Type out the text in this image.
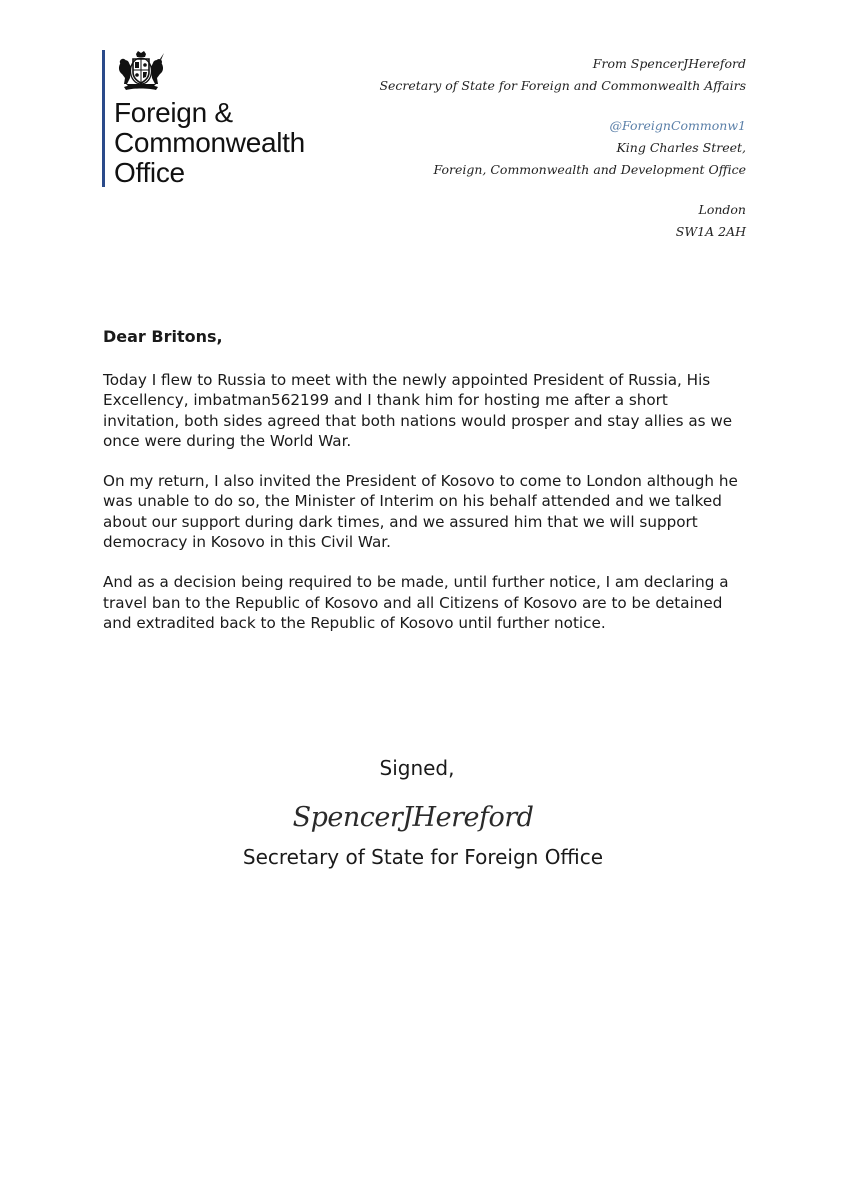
Foreign &
Commonwealth
Office
From SpencerJHereford
Secretary of State for Foreign and Commonwealth Affairs
@ForeignCommonw1
King Charles Street,
Foreign, Commonwealth and Development Office
London
SW1A 2AH
Dear Britons,

Today I flew to Russia to meet with the newly appointed President of Russia, His Excellency, imbatman562199 and I thank him for hosting me after a short invitation, both sides agreed that both nations would prosper and stay allies as we once were during the World War.

On my return, I also invited the President of Kosovo to come to London although he was unable to do so, the Minister of Interim on his behalf attended and we talked about our support during dark times, and we assured him that we will support democracy in Kosovo in this Civil War.

And as a decision being required to be made, until further notice, I am declaring a travel ban to the Republic of Kosovo and all Citizens of Kosovo are to be detained and extradited back to the Republic of Kosovo until further notice.

Signed,
SpencerJHereford
Secretary of State for Foreign Office
